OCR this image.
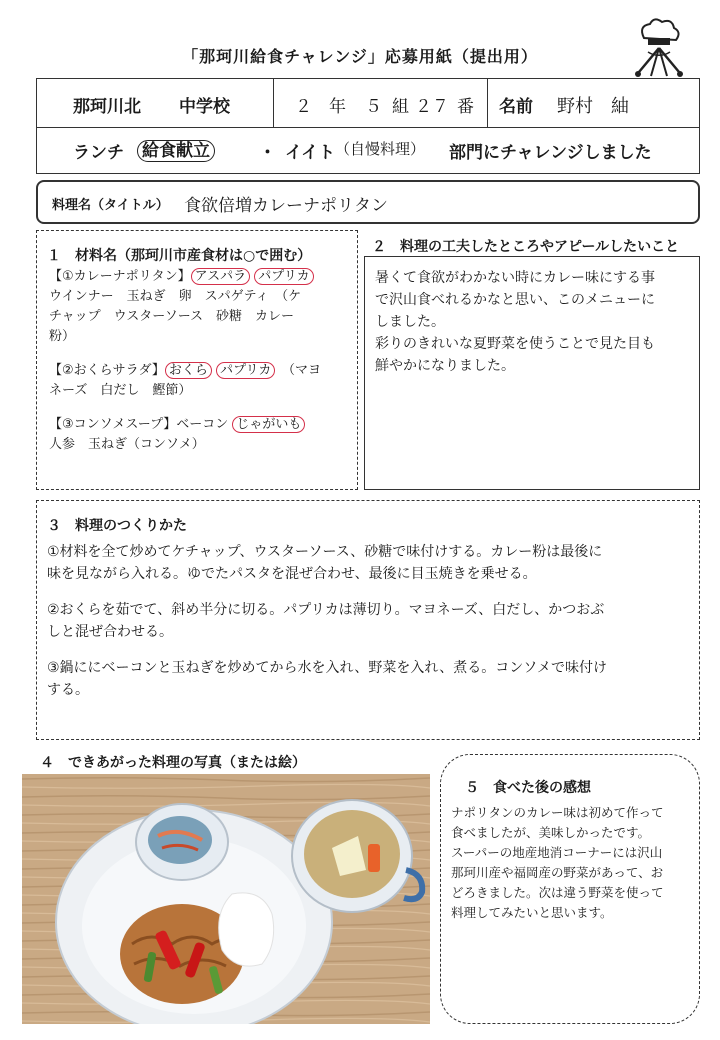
「那珂川給食チャレンジ」応募用紙（提出用）
那珂川北 中学校	２ 年 ５ 組 ２７ 番 名前 野村　紬
ランチ 給食献立	・ イイト （自慢料理） 部門にチャレンジしました
料理名（タイトル） 食欲倍増カレーナポリタン
１　材料名（那珂川市産食材は○で囲む）
【①カレーナポリタン】 アスパラ パプリカ
ウインナー　玉ねぎ　卵　スパゲティ　（ケ
チャップ　ウスターソース　砂糖　カレー
粉）
【②おくらサラダ】 おくら パプリカ　 （マヨ
ネーズ　白だし　鰹節）
【③コンソメスープ】ベーコン じゃがいも
人参　玉ねぎ（コンソメ）
２　料理の工夫したところやアピールしたいこと
暑くて食欲がわかない時にカレー味にする事
で沢山食べれるかなと思い、このメニューに
しました。
彩りのきれいな夏野菜を使うことで見た目も
鮮やかになりました。
３　料理のつくりかた
①材料を全て炒めてケチャップ、ウスターソース、砂糖で味付けする。カレー粉は最後に
味を見ながら入れる。ゆでたパスタを混ぜ合わせ、最後に目玉焼きを乗せる。
②おくらを茹でて、斜め半分に切る。パプリカは薄切り。マヨネーズ、白だし、かつおぶ
しと混ぜ合わせる。
③鍋ににベーコンと玉ねぎを炒めてから水を入れ、野菜を入れ、煮る。コンソメで味付け
する。
４　できあがった料理の写真（または絵）
５　食べた後の感想
ナポリタンのカレー味は初めて作って
食べましたが、美味しかったです。
スーパーの地産地消コーナーには沢山
那珂川産や福岡産の野菜があって、お
どろきました。次は違う野菜を使って
料理してみたいと思います。
